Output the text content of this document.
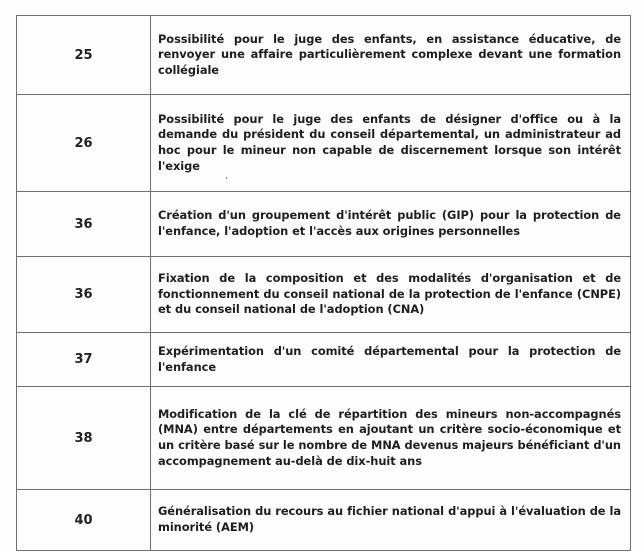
25	Possibilité pour le juge des enfants, en assistance éducative, de renvoyer une affaire particulièrement complexe devant une formation collégiale
26	Possibilité pour le juge des enfants de désigner d'office ou à la demande du président du conseil départemental, un administrateur ad hoc pour le mineur non capable de discernement lorsque son intérêt l'exige
36	Création d'un groupement d'intérêt public (GIP) pour la protection de l'enfance, l'adoption et l'accès aux origines personnelles
36	Fixation de la composition et des modalités d'organisation et de fonctionnement du conseil national de la protection de l'enfance (CNPE) et du conseil national de l'adoption (CNA)
37	Expérimentation d'un comité départemental pour la protection de l'enfance
38	Modification de la clé de répartition des mineurs non-accompagnés (MNA) entre départements en ajoutant un critère socio-économique et un critère basé sur le nombre de MNA devenus majeurs bénéficiant d'un accompagnement au-delà de dix-huit ans
40	Généralisation du recours au fichier national d'appui à l'évaluation de la minorité (AEM)
